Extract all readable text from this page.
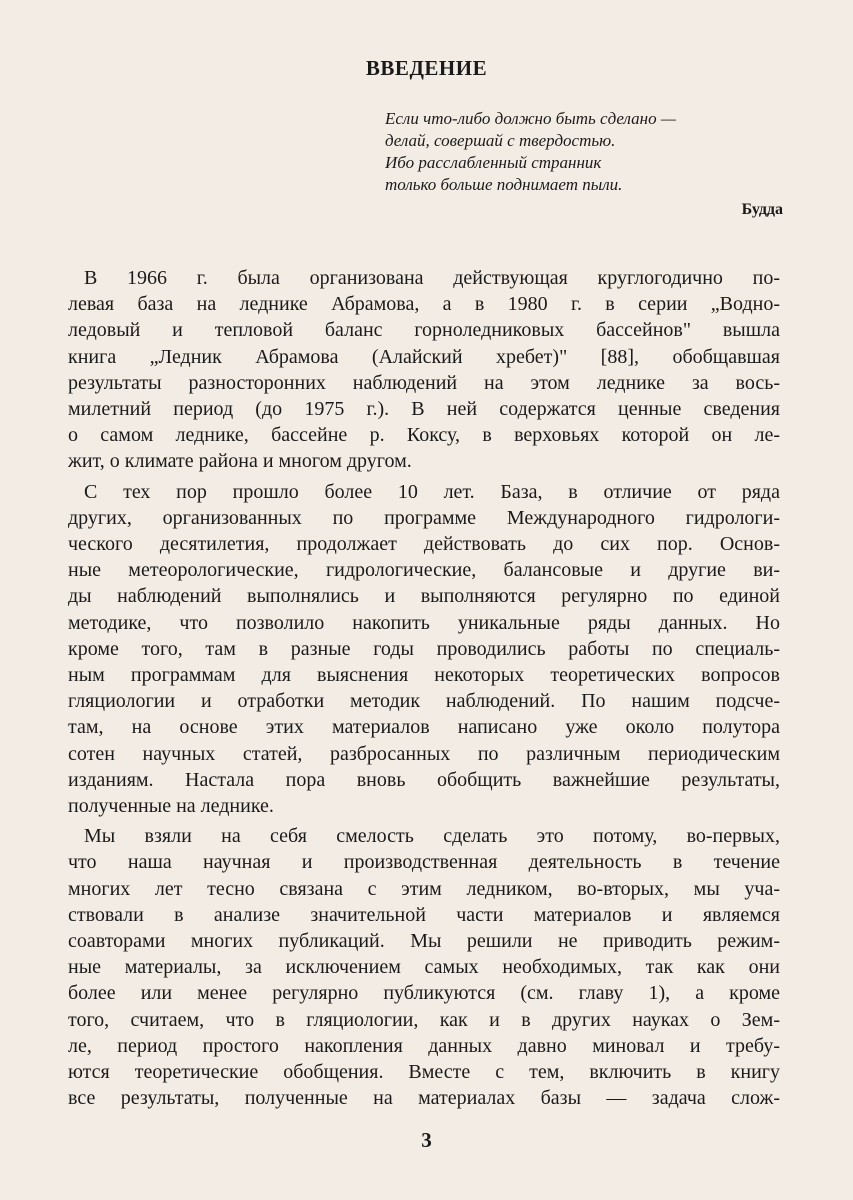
ВВЕДЕНИЕ
Если что-либо должно быть сделано —
делай, совершай с твердостью.
Ибо расслабленный странник
только больше поднимает пыли.
Будда

В 1966 г. была организована действующая круглогодично по-
левая база на леднике Абрамова, а в 1980 г. в серии „Водно-
ледовый и тепловой баланс горноледниковых бассейнов" вышла
книга „Ледник Абрамова (Алайский хребет)" [88], обобщавшая
результаты разносторонних наблюдений на этом леднике за вось-
милетний период (до 1975 г.). В ней содержатся ценные сведения
о самом леднике, бассейне р. Коксу, в верховьях которой он ле-
жит, о климате района и многом другом.

С тех пор прошло более 10 лет. База, в отличие от ряда
других, организованных по программе Международного гидрологи-
ческого десятилетия, продолжает действовать до сих пор. Основ-
ные метеорологические, гидрологические, балансовые и другие ви-
ды наблюдений выполнялись и выполняются регулярно по единой
методике, что позволило накопить уникальные ряды данных. Но
кроме того, там в разные годы проводились работы по специаль-
ным программам для выяснения некоторых теоретических вопросов
гляциологии и отработки методик наблюдений. По нашим подсче-
там, на основе этих материалов написано уже около полутора
сотен научных статей, разбросанных по различным периодическим
изданиям. Настала пора вновь обобщить важнейшие результаты,
полученные на леднике.

Мы взяли на себя смелость сделать это потому, во-первых,
что наша научная и производственная деятельность в течение
многих лет тесно связана с этим ледником, во-вторых, мы уча-
ствовали в анализе значительной части материалов и являемся
соавторами многих публикаций. Мы решили не приводить режим-
ные материалы, за исключением самых необходимых, так как они
более или менее регулярно публикуются (см. главу 1), а кроме
того, считаем, что в гляциологии, как и в других науках о Зем-
ле, период простого накопления данных давно миновал и требу-
ются теоретические обобщения. Вместе с тем, включить в книгу
все результаты, полученные на материалах базы — задача слож-

3
